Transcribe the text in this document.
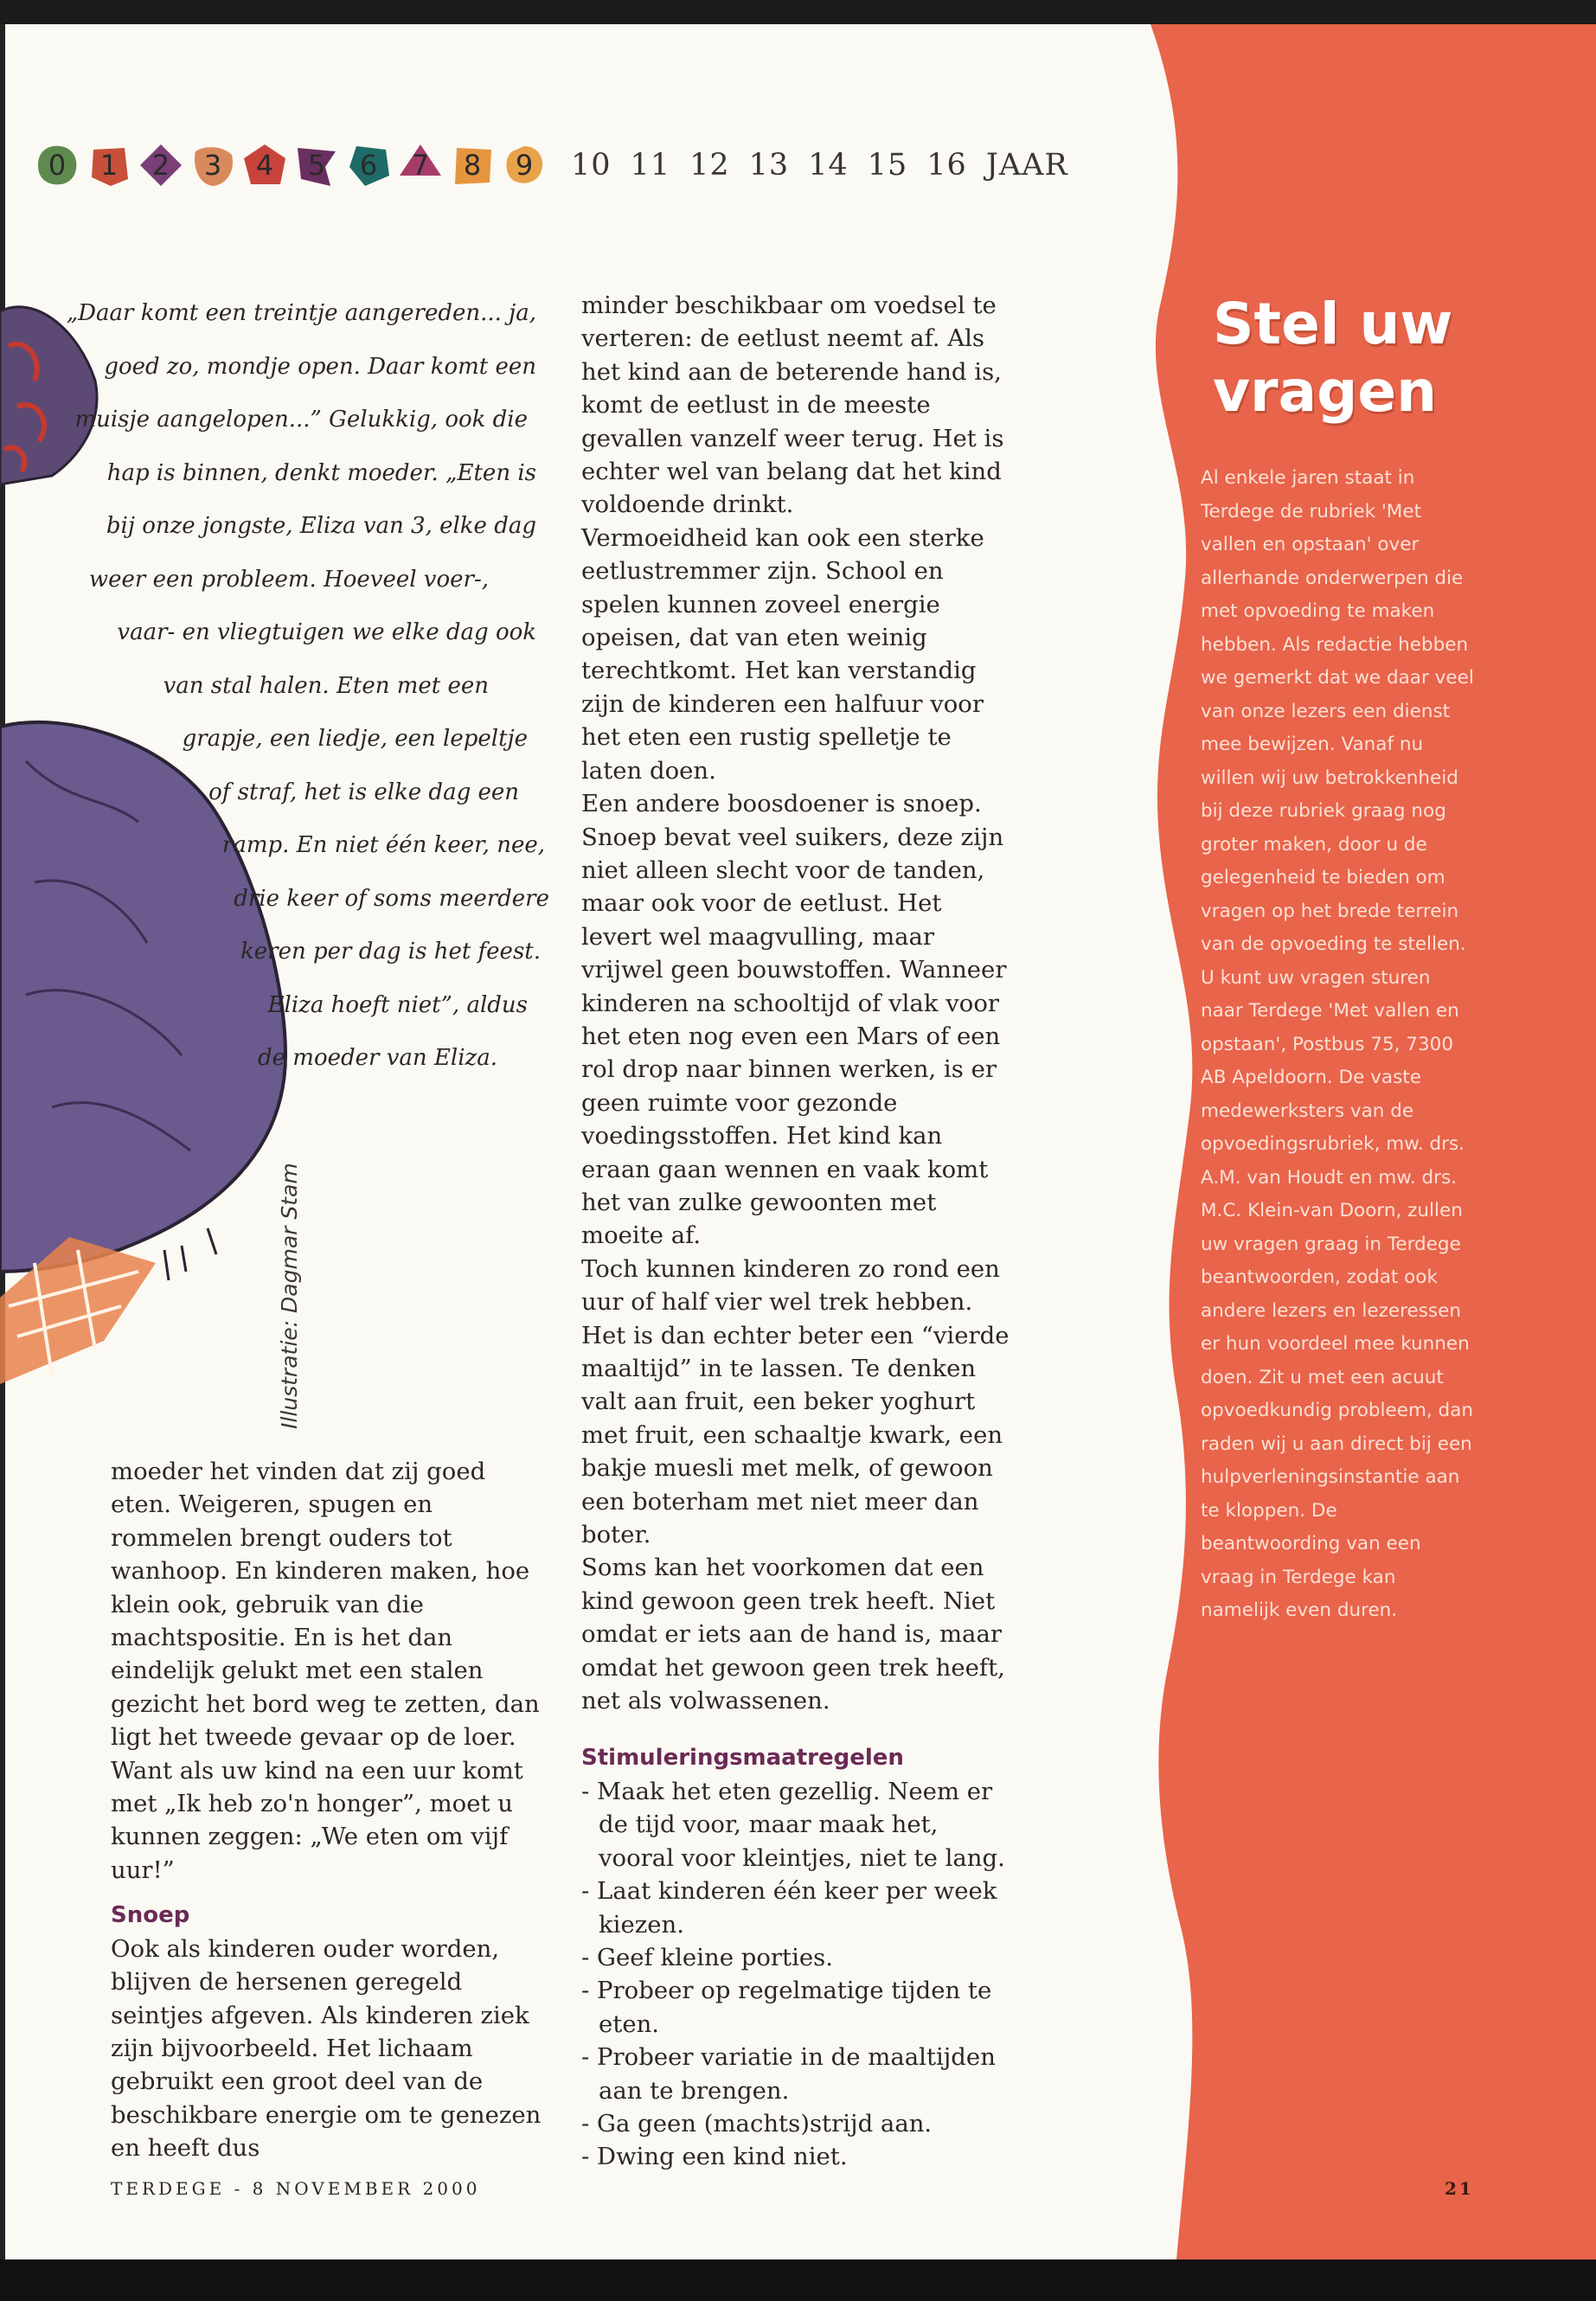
0 1 2 3 4 5 6 7 8 9 10 11 12 13 14 15 16 JAAR
„Daar komt een treintje aangereden... ja,
goed zo, mondje open. Daar komt een
muisje aangelopen...” Gelukkig, ook die
hap is binnen, denkt moeder. „Eten is
bij onze jongste, Eliza van 3, elke dag
weer een probleem. Hoeveel voer-,
vaar- en vliegtuigen we elke dag ook
van stal halen. Eten met een
grapje, een liedje, een lepeltje
of straf, het is elke dag een
ramp. En niet één keer, nee,
drie keer of soms meerdere
keren per dag is het feest.
Eliza hoeft niet”, aldus
de moeder van Eliza.
Illustratie: Dagmar Stam

moeder het vinden dat zij goed eten. Weigeren, spugen en rommelen brengt ouders tot wanhoop. En kinderen maken, hoe klein ook, gebruik van die machtspositie. En is het dan eindelijk gelukt met een stalen gezicht het bord weg te zetten, dan ligt het tweede gevaar op de loer. Want als uw kind na een uur komt met „Ik heb zo'n honger”, moet u kunnen zeggen: „We eten om vijf uur!”

Snoep

Ook als kinderen ouder worden, blijven de hersenen geregeld seintjes afgeven. Als kinderen ziek zijn bijvoorbeeld. Het lichaam gebruikt een groot deel van de beschikbare energie om te genezen en heeft dus

minder beschikbaar om voedsel te verteren: de eetlust neemt af. Als het kind aan de beterende hand is, komt de eetlust in de meeste gevallen vanzelf weer terug. Het is echter wel van belang dat het kind voldoende drinkt.

Vermoeidheid kan ook een sterke eetlustremmer zijn. School en spelen kunnen zoveel energie opeisen, dat van eten weinig terechtkomt. Het kan verstandig zijn de kinderen een halfuur voor het eten een rustig spelletje te laten doen.

Een andere boosdoener is snoep. Snoep bevat veel suikers, deze zijn niet alleen slecht voor de tanden, maar ook voor de eetlust. Het levert wel maagvulling, maar vrijwel geen bouwstoffen. Wanneer kinderen na schooltijd of vlak voor het eten nog even een Mars of een rol drop naar binnen werken, is er geen ruimte voor gezonde voedingsstoffen. Het kind kan eraan gaan wennen en vaak komt het van zulke gewoonten met moeite af.

Toch kunnen kinderen zo rond een uur of half vier wel trek hebben. Het is dan echter beter een “vierde maaltijd” in te lassen. Te denken valt aan fruit, een beker yoghurt met fruit, een schaaltje kwark, een bakje muesli met melk, of gewoon een boterham met niet meer dan boter.

Soms kan het voorkomen dat een kind gewoon geen trek heeft. Niet omdat er iets aan de hand is, maar omdat het gewoon geen trek heeft, net als volwassenen.

Stimuleringsmaatregelen

- Maak het eten gezellig. Neem er de tijd voor, maar maak het, vooral voor kleintjes, niet te lang.
- Laat kinderen één keer per week kiezen.
- Geef kleine porties.
- Probeer op regelmatige tijden te eten.
- Probeer variatie in de maaltijden aan te brengen.
- Ga geen (machts)strijd aan.
- Dwing een kind niet.
Stel uw vragen
Al enkele jaren staat in Terdege de rubriek 'Met vallen en opstaan' over allerhande onderwerpen die met opvoeding te maken hebben. Als redactie hebben we gemerkt dat we daar veel van onze lezers een dienst mee bewijzen. Vanaf nu willen wij uw betrokkenheid bij deze rubriek graag nog groter maken, door u de gelegenheid te bieden om vragen op het brede terrein van de opvoeding te stellen. U kunt uw vragen sturen naar Terdege 'Met vallen en opstaan', Postbus 75, 7300 AB Apeldoorn. De vaste medewerksters van de opvoedingsrubriek, mw. drs. A.M. van Houdt en mw. drs. M.C. Klein-van Doorn, zullen uw vragen graag in Terdege beantwoorden, zodat ook andere lezers en lezeressen er hun voordeel mee kunnen doen. Zit u met een acuut opvoedkundig probleem, dan raden wij u aan direct bij een hulpverleningsinstantie aan te kloppen. De beantwoording van een vraag in Terdege kan namelijk even duren.
TERDEGE - 8 NOVEMBER 2000	21
